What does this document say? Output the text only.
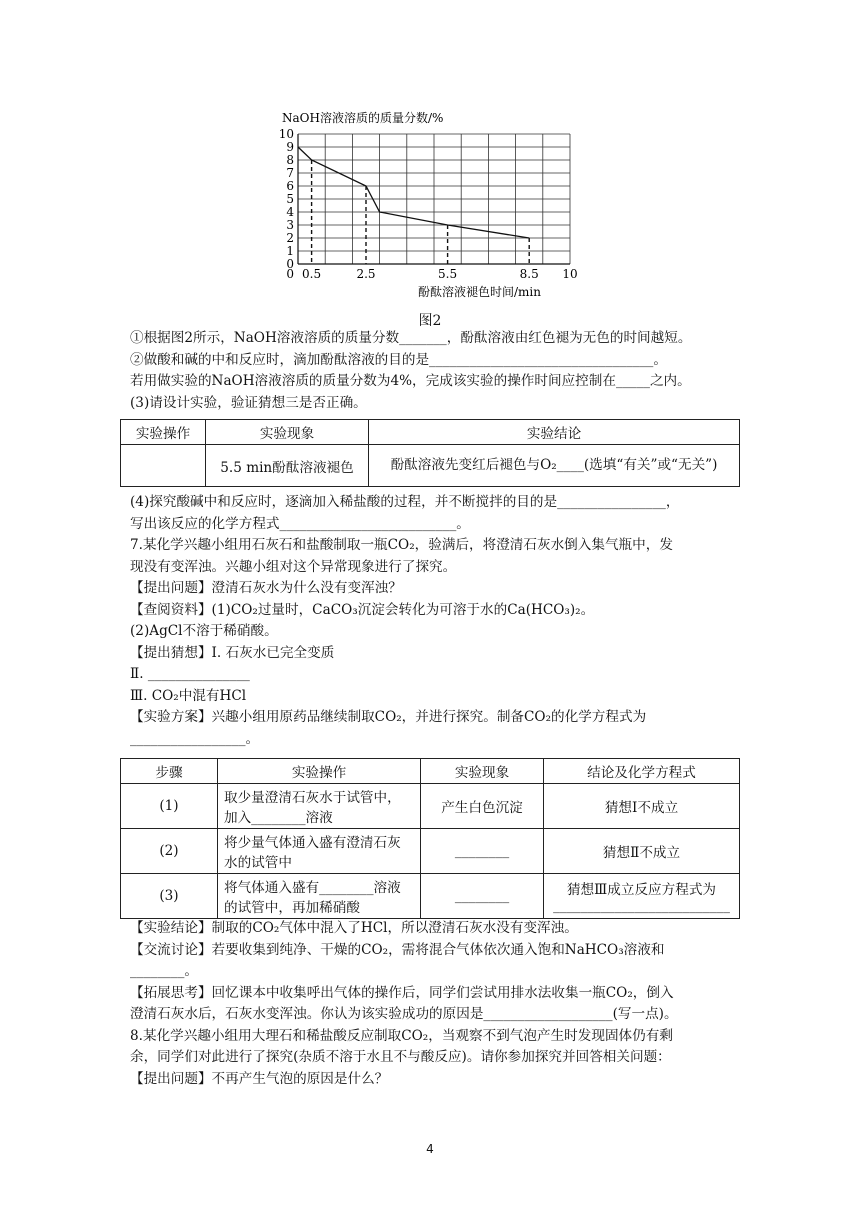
NaOH溶液溶质的质量分数/%
酚酞溶液褪色时间/min
0
1
2
3
4
5
6
7
8
9
10
0 0.5	2.5	5.5	8.5 10
图2
①根据图2所示，NaOH溶液溶质的质量分数_______，酚酞溶液由红色褪为无色的时间越短。
②做酸和碱的中和反应时，滴加酚酞溶液的目的是_________________________________。
若用做实验的NaOH溶液溶质的质量分数为4%，完成该实验的操作时间应控制在_____之内。
(3)请设计实验，验证猜想三是否正确。
实验操作	实验现象	实验结论
	5.5 min酚酞溶液褪色	酚酞溶液先变红后褪色与O₂____(选填“有关”或“无关”)
(4)探究酸碱中和反应时，逐滴加入稀盐酸的过程，并不断搅拌的目的是________________，
写出该反应的化学方程式__________________________。
7.某化学兴趣小组用石灰石和盐酸制取一瓶CO₂，验满后，将澄清石灰水倒入集气瓶中，发
现没有变浑浊。兴趣小组对这个异常现象进行了探究。
【提出问题】澄清石灰水为什么没有变浑浊？
【查阅资料】(1)CO₂过量时，CaCO₃沉淀会转化为可溶于水的Ca(HCO₃)₂。
(2)AgCl不溶于稀硝酸。
【提出猜想】Ⅰ. 石灰水已完全变质
Ⅱ. _______________
Ⅲ. CO₂中混有HCl
【实验方案】兴趣小组用原药品继续制取CO₂，并进行探究。制备CO₂的化学方程式为
_________________。
步骤	实验操作	实验现象	结论及化学方程式
(1)	取少量澄清石灰水于试管中，加入________溶液	产生白色沉淀	猜想Ⅰ不成立
(2)	将少量气体通入盛有澄清石灰水的试管中	________	猜想Ⅱ不成立
(3)	将气体通入盛有________溶液的试管中，再加稀硝酸	________	猜想Ⅲ成立反应方程式为__________________________
【实验结论】制取的CO₂气体中混入了HCl，所以澄清石灰水没有变浑浊。
【交流讨论】若要收集到纯净、干燥的CO₂，需将混合气体依次通入饱和NaHCO₃溶液和
________。
【拓展思考】回忆课本中收集呼出气体的操作后，同学们尝试用排水法收集一瓶CO₂，倒入
澄清石灰水后，石灰水变浑浊。你认为该实验成功的原因是___________________(写一点)。
8.某化学兴趣小组用大理石和稀盐酸反应制取CO₂，当观察不到气泡产生时发现固体仍有剩
余，同学们对此进行了探究(杂质不溶于水且不与酸反应)。请你参加探究并回答相关问题：
【提出问题】不再产生气泡的原因是什么？
4
